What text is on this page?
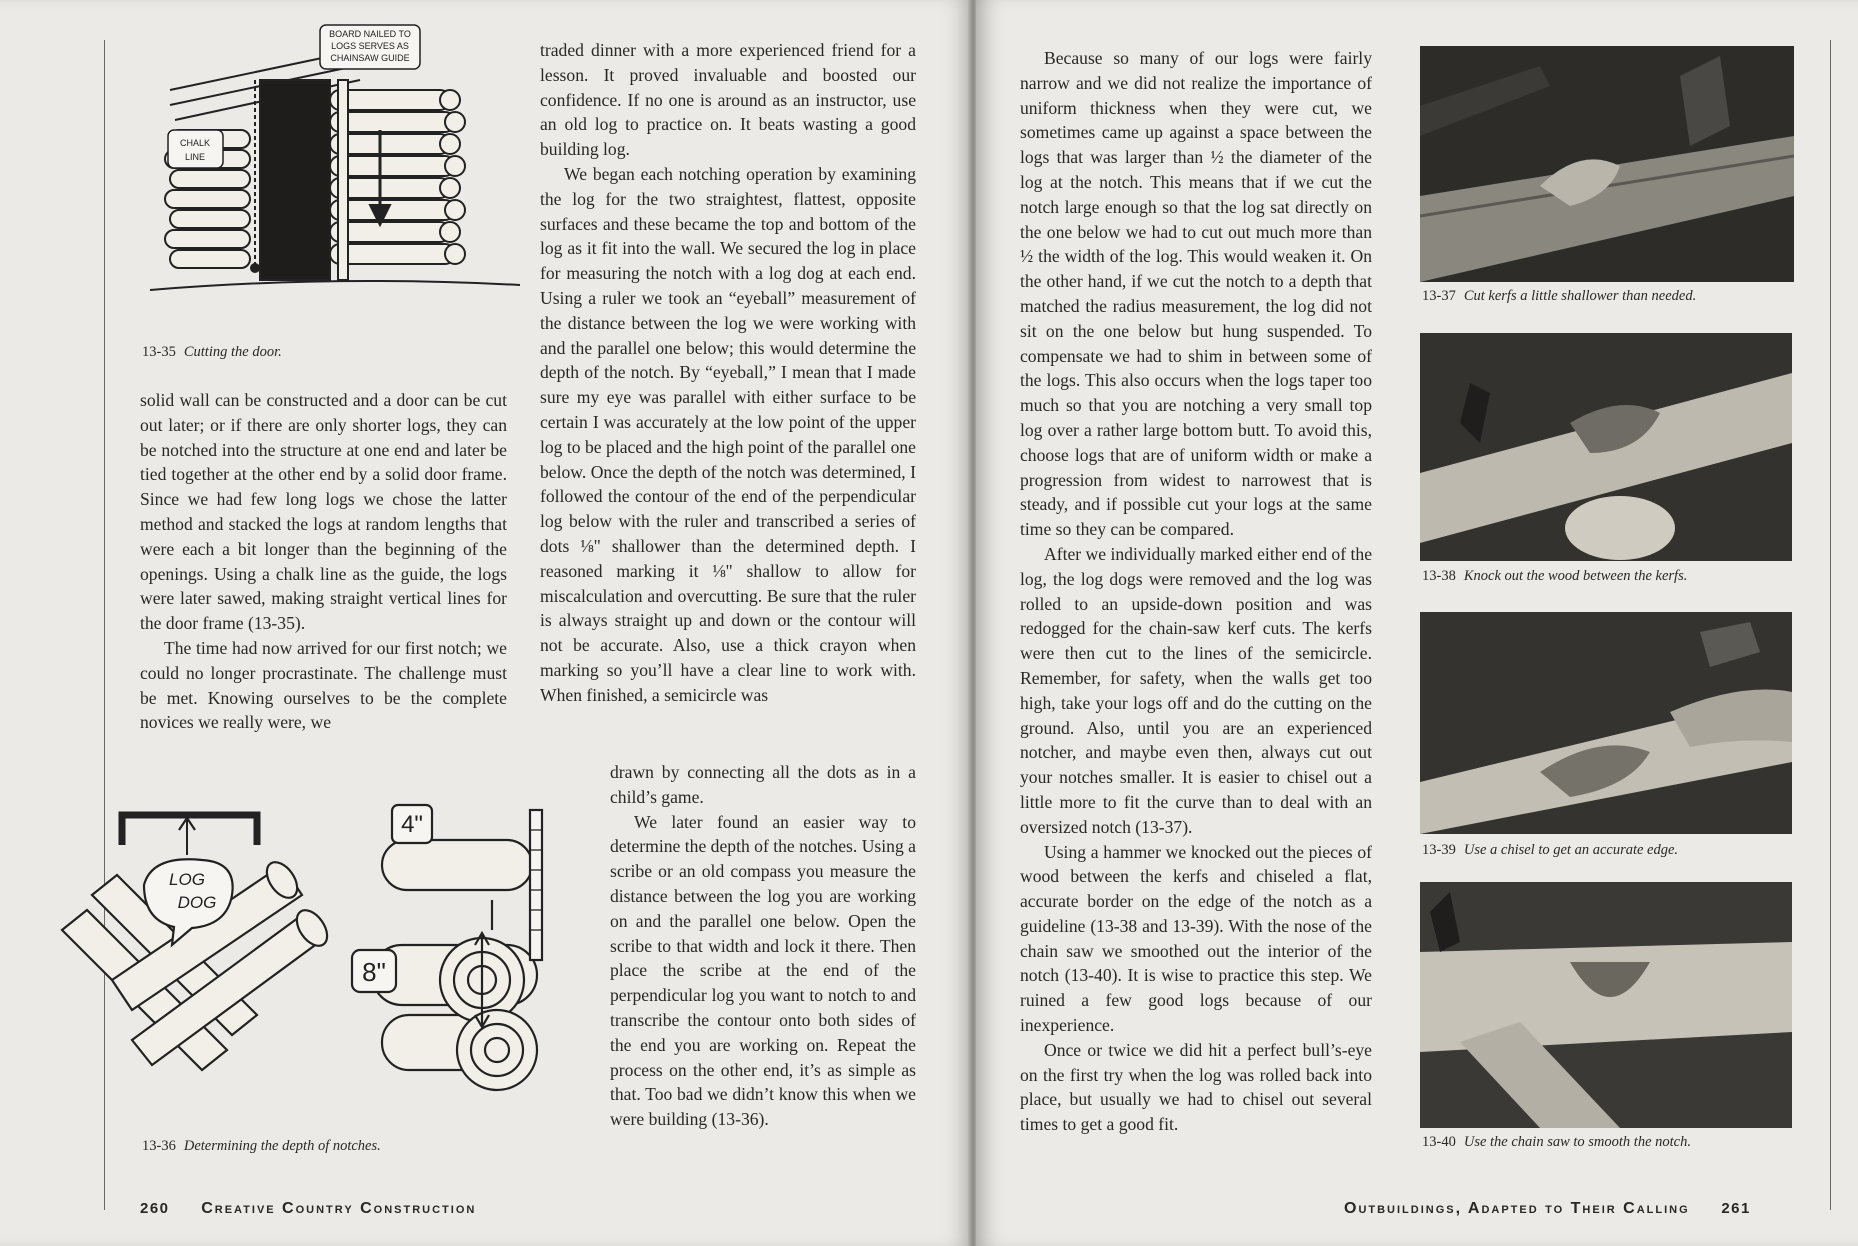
BOARD NAILED TO
LOGS SERVES AS
CHAINSAW GUIDE
CHALK
LINE
13-35 Cutting the door.

solid wall can be constructed and a door can be cut out later; or if there are only shorter logs, they can be notched into the structure at one end and later be tied together at the other end by a solid door frame. Since we had few long logs we chose the latter method and stacked the logs at random lengths that were each a bit longer than the beginning of the openings. Using a chalk line as the guide, the logs were later sawed, making straight vertical lines for the door frame (13-35).

The time had now arrived for our first notch; we could no longer procrastinate. The challenge must be met. Knowing ourselves to be the complete novices we really were, we

traded dinner with a more experienced friend for a lesson. It proved invaluable and boosted our confidence. If no one is around as an instructor, use an old log to practice on. It beats wasting a good building log.

We began each notching operation by examining the log for the two straightest, flattest, opposite surfaces and these became the top and bottom of the log as it fit into the wall. We secured the log in place for measuring the notch with a log dog at each end. Using a ruler we took an “eyeball” measurement of the distance between the log we were working with and the parallel one below; this would determine the depth of the notch. By “eyeball,” I mean that I made sure my eye was parallel with either surface to be certain I was accurately at the low point of the upper log to be placed and the high point of the parallel one below. Once the depth of the notch was determined, I followed the contour of the end of the perpendicular log below with the ruler and transcribed a series of dots ⅛" shallower than the determined depth. I reasoned marking it ⅛" shallow to allow for miscalculation and overcutting. Be sure that the ruler is always straight up and down or the contour will not be accurate. Also, use a thick crayon when marking so you’ll have a clear line to work with. When finished, a semicircle was

drawn by connecting all the dots as in a child’s game.

We later found an easier way to determine the depth of the notches. Using a scribe or an old compass you measure the distance between the log you are working on and the parallel one below. Open the scribe to that width and lock it there. Then place the scribe at the end of the perpendicular log you want to notch to and transcribe the contour onto both sides of the end you are working on. Repeat the process on the other end, it’s as simple as that. Too bad we didn’t know this when we were building (13-36).

LOG
DOG
4"
8"
13-36 Determining the depth of notches.
260 Creative Country Construction

Because so many of our logs were fairly narrow and we did not realize the importance of uniform thickness when they were cut, we sometimes came up against a space between the logs that was larger than ½ the diameter of the log at the notch. This means that if we cut the notch large enough so that the log sat directly on the one below we had to cut out much more than ½ the width of the log. This would weaken it. On the other hand, if we cut the notch to a depth that matched the radius measurement, the log did not sit on the one below but hung suspended. To compensate we had to shim in between some of the logs. This also occurs when the logs taper too much so that you are notching a very small top log over a rather large bottom butt. To avoid this, choose logs that are of uniform width or make a progression from widest to narrowest that is steady, and if possible cut your logs at the same time so they can be compared.

After we individually marked either end of the log, the log dogs were removed and the log was rolled to an upside-down position and was redogged for the chain-saw kerf cuts. The kerfs were then cut to the lines of the semicircle. Remember, for safety, when the walls get too high, take your logs off and do the cutting on the ground. Also, until you are an experienced notcher, and maybe even then, always cut out your notches smaller. It is easier to chisel out a little more to fit the curve than to deal with an oversized notch (13-37).

Using a hammer we knocked out the pieces of wood between the kerfs and chiseled a flat, accurate border on the edge of the notch as a guideline (13-38 and 13-39). With the nose of the chain saw we smoothed out the interior of the notch (13-40). It is wise to practice this step. We ruined a few good logs because of our inexperience.

Once or twice we did hit a perfect bull’s-eye on the first try when the log was rolled back into place, but usually we had to chisel out several times to get a good fit.

13-37 Cut kerfs a little shallower than needed.
13-38 Knock out the wood between the kerfs.
13-39 Use a chisel to get an accurate edge.
13-40 Use the chain saw to smooth the notch.
Outbuildings, Adapted to Their Calling 261
